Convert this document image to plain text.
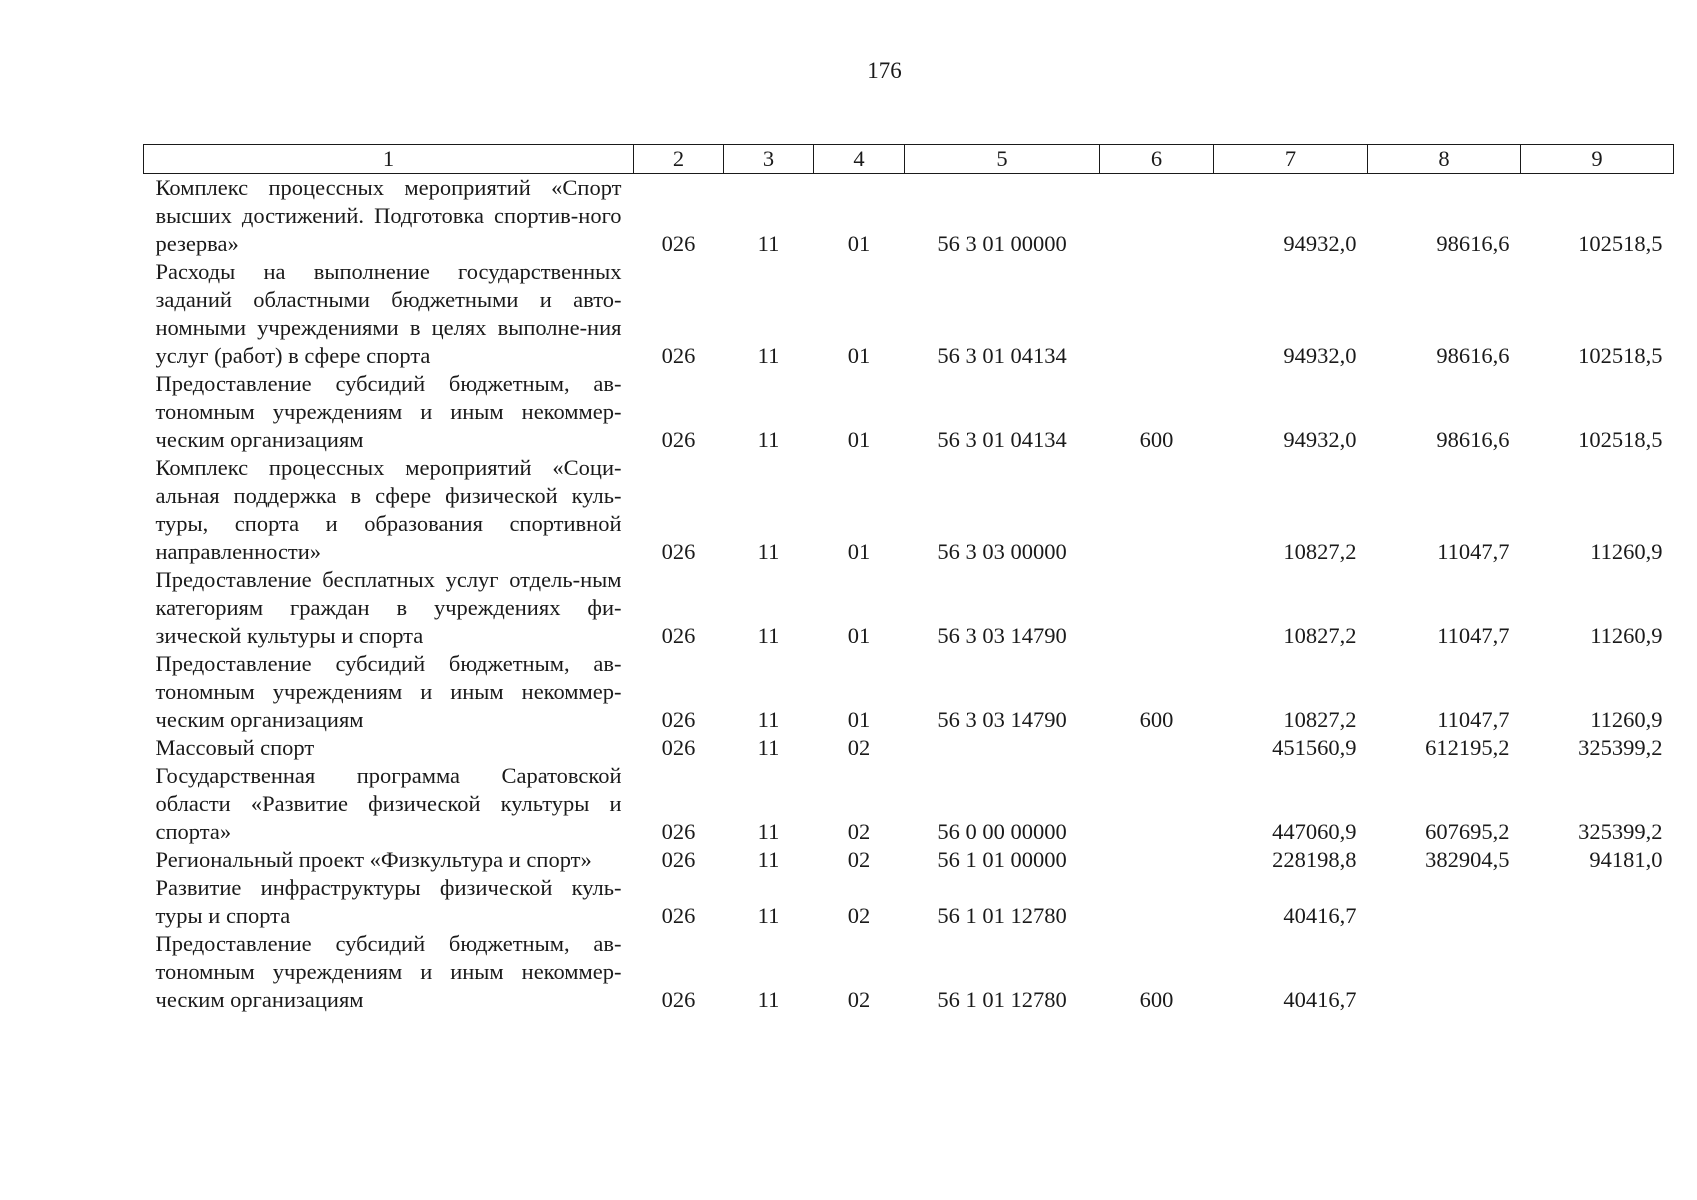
176
1	2	3	4	5	6	7	8	9
Комплекс процессных мероприятий «Спорт высших достижений. Подготовка спортив-ного резерва»	026	11	01	56 3 01 00000		94932,0	98616,6	102518,5
Расходы на выполнение государственных заданий областными бюджетными и авто-номными учреждениями в целях выполне-ния услуг (работ) в сфере спорта	026	11	01	56 3 01 04134		94932,0	98616,6	102518,5
Предоставление субсидий бюджетным, ав-тономным учреждениям и иным некоммер-ческим организациям	026	11	01	56 3 01 04134	600	94932,0	98616,6	102518,5
Комплекс процессных мероприятий «Соци-альная поддержка в сфере физической куль-туры, спорта и образования спортивной направленности»	026	11	01	56 3 03 00000		10827,2	11047,7	11260,9
Предоставление бесплатных услуг отдель-ным категориям граждан в учреждениях фи-зической культуры и спорта	026	11	01	56 3 03 14790		10827,2	11047,7	11260,9
Предоставление субсидий бюджетным, ав-тономным учреждениям и иным некоммер-ческим организациям	026	11	01	56 3 03 14790	600	10827,2	11047,7	11260,9
Массовый спорт	026	11	02			451560,9	612195,2	325399,2
Государственная программа Саратовской области «Развитие физической культуры и спорта»	026	11	02	56 0 00 00000		447060,9	607695,2	325399,2
Региональный проект «Физкультура и спорт»	026	11	02	56 1 01 00000		228198,8	382904,5	94181,0
Развитие инфраструктуры физической куль-туры и спорта	026	11	02	56 1 01 12780		40416,7		
Предоставление субсидий бюджетным, ав-тономным учреждениям и иным некоммер-ческим организациям	026	11	02	56 1 01 12780	600	40416,7		
